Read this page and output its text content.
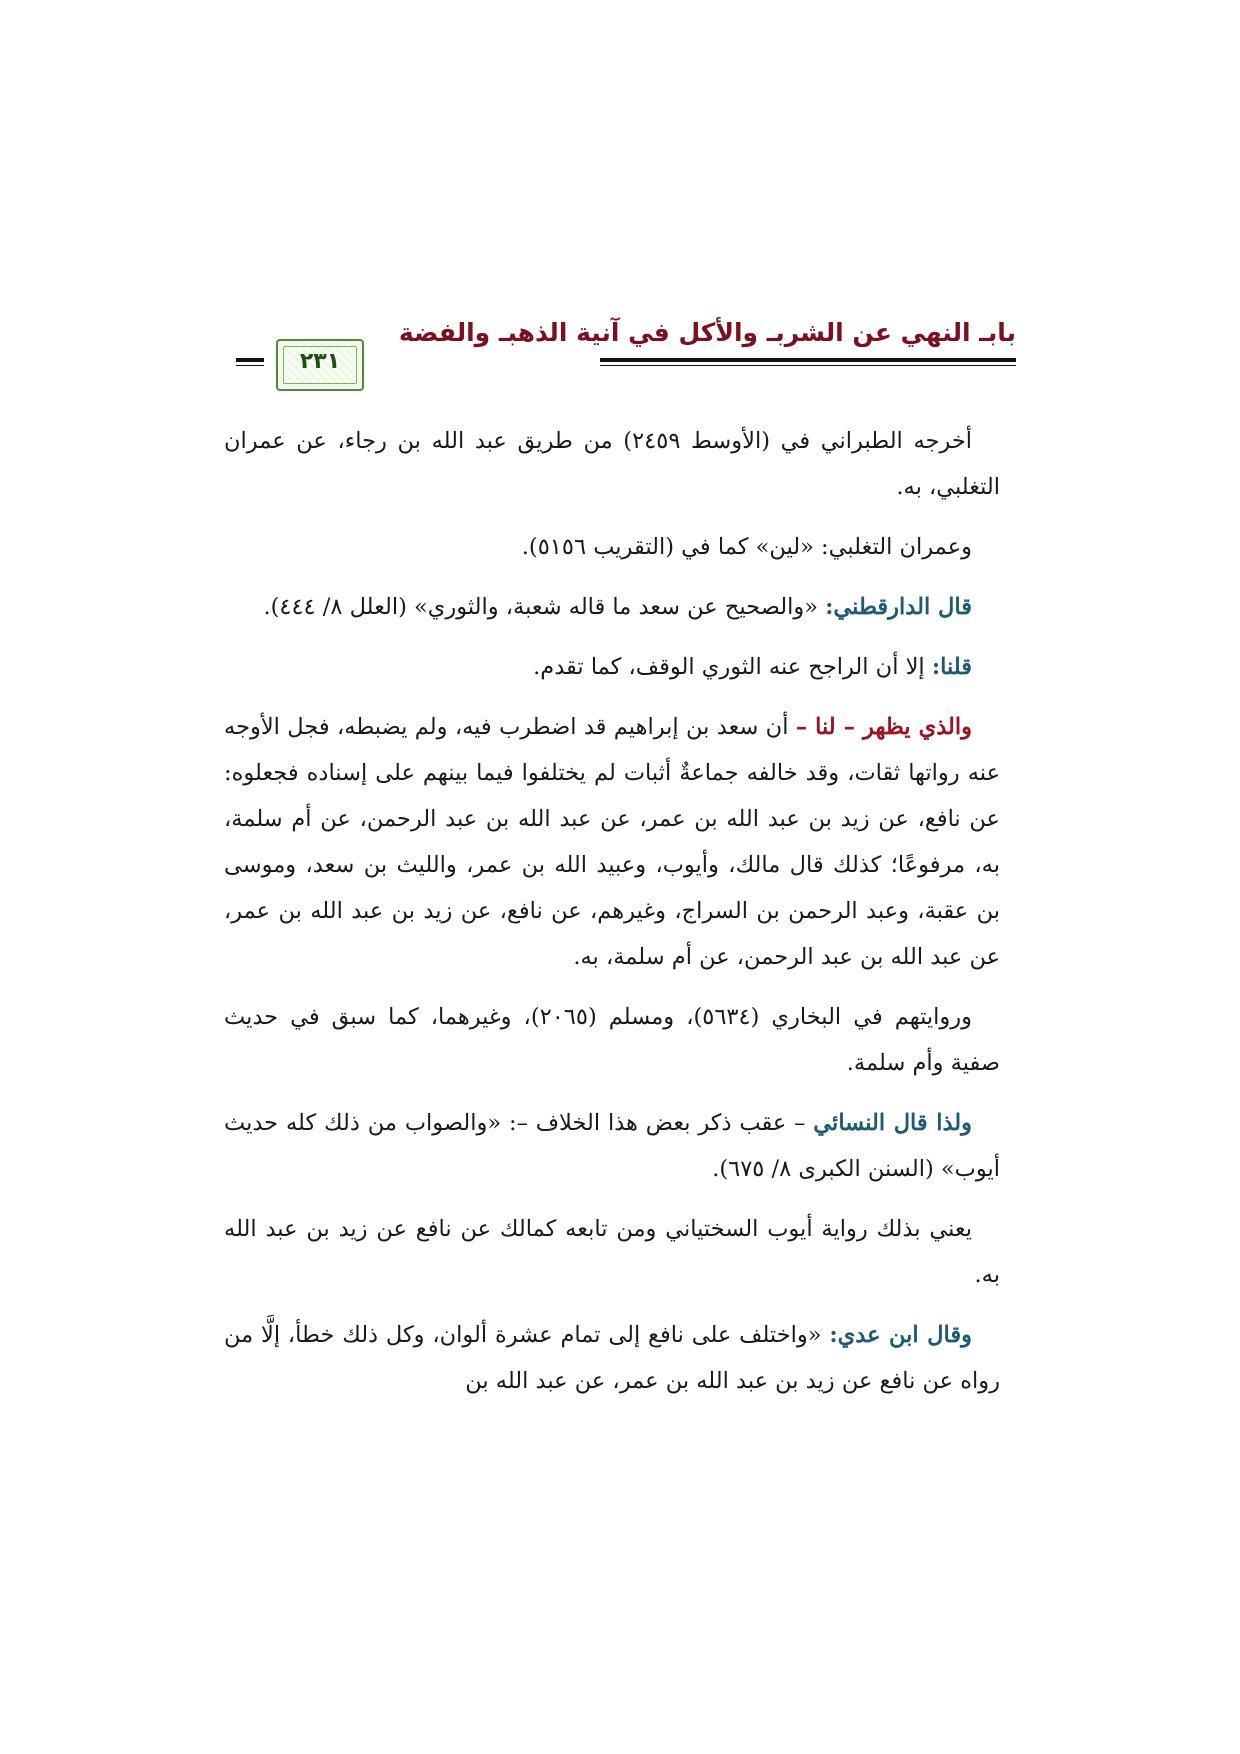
بابـ النهي عن الشربـ والأكل في آنية الذهبـ والفضة
٢٣١

أخرجه الطبراني في (الأوسط ٢٤٥٩) من طريق عبد الله بن رجاء، عن عمران التغلبي، به.

وعمران التغلبي: «لين» كما في (التقريب ٥١٥٦).

قال الدارقطني: «والصحيح عن سعد ما قاله شعبة، والثوري» (العلل ٨/ ٤٤٤).

قلنا: إلا أن الراجح عنه الثوري الوقف، كما تقدم.

والذي يظهر – لنا – أن سعد بن إبراهيم قد اضطرب فيه، ولم يضبطه، فجل الأوجه عنه رواتها ثقات، وقد خالفه جماعةٌ أثبات لم يختلفوا فيما بينهم على إسناده فجعلوه: عن نافع، عن زيد بن عبد الله بن عمر، عن عبد الله بن عبد الرحمن، عن أم سلمة، به، مرفوعًا؛ كذلك قال مالك، وأيوب، وعبيد الله بن عمر، والليث بن سعد، وموسى بن عقبة، وعبد الرحمن بن السراج، وغيرهم، عن نافع، عن زيد بن عبد الله بن عمر، عن عبد الله بن عبد الرحمن، عن أم سلمة، به.

وروايتهم في البخاري (٥٦٣٤)، ومسلم (٢٠٦٥)، وغيرهما، كما سبق في حديث صفية وأم سلمة.

ولذا قال النسائي – عقب ذكر بعض هذا الخلاف –: «والصواب من ذلك كله حديث أيوب» (السنن الكبرى ٨/ ٦٧٥).

يعني بذلك رواية أيوب السختياني ومن تابعه كمالك عن نافع عن زيد بن عبد الله به.

وقال ابن عدي: «واختلف على نافع إلى تمام عشرة ألوان، وكل ذلك خطأ، إلَّا من رواه عن نافع عن زيد بن عبد الله بن عمر، عن عبد الله بن
